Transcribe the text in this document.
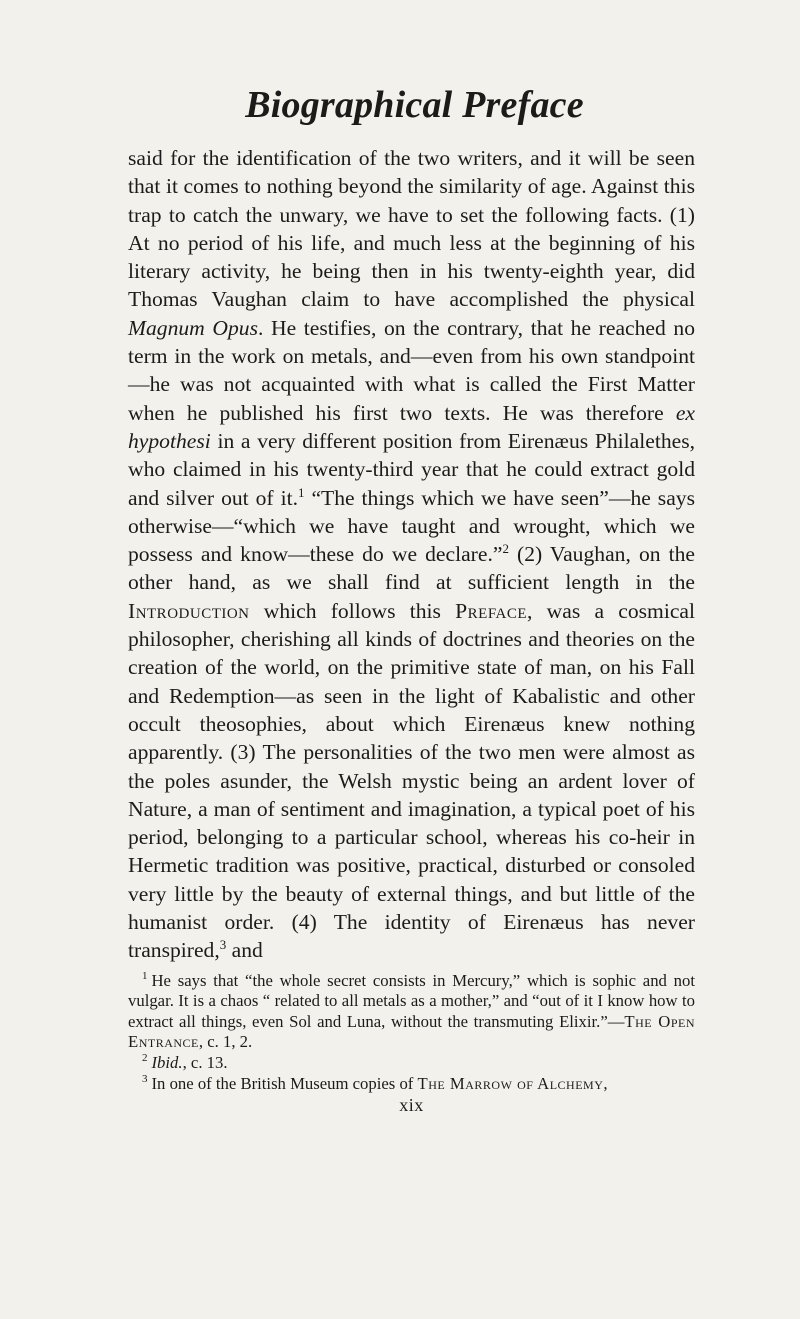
Biographical Preface

said for the identification of the two writers, and it will be seen that it comes to nothing beyond the similarity of age. Against this trap to catch the unwary, we have to set the following facts. (1) At no period of his life, and much less at the beginning of his literary activity, he being then in his twenty-eighth year, did Thomas Vaughan claim to have accomplished the physical Magnum Opus. He testifies, on the contrary, that he reached no term in the work on metals, and—even from his own standpoint—he was not acquainted with what is called the First Matter when he published his first two texts. He was therefore ex hypothesi in a very different position from Eirenæus Philalethes, who claimed in his twenty-third year that he could extract gold and silver out of it.$^1$ “The things which we have seen”—he says otherwise—“which we have taught and wrought, which we possess and know—these do we declare.”$^2$ (2) Vaughan, on the other hand, as we shall find at sufficient length in the Introduction which follows this Preface, was a cosmical philosopher, cherishing all kinds of doctrines and theories on the creation of the world, on the primitive state of man, on his Fall and Redemption—as seen in the light of Kabalistic and other occult theosophies, about which Eirenæus knew nothing apparently. (3) The personalities of the two men were almost as the poles asunder, the Welsh mystic being an ardent lover of Nature, a man of sentiment and imagination, a typical poet of his period, belonging to a particular school, whereas his co-heir in Hermetic tradition was positive, practical, disturbed or consoled very little by the beauty of external things, and but little of the humanist order. (4) The identity of Eirenæus has never transpired,$^3$ and

$^1$ He says that “the whole secret consists in Mercury,” which is sophic and not vulgar. It is a chaos “ related to all metals as a mother,” and “out of it I know how to extract all things, even Sol and Luna, without the transmuting Elixir.”—The Open Entrance, c. 1, 2.

$^2$ Ibid., c. 13.

$^3$ In one of the British Museum copies of The Marrow of Alchemy,

xix
